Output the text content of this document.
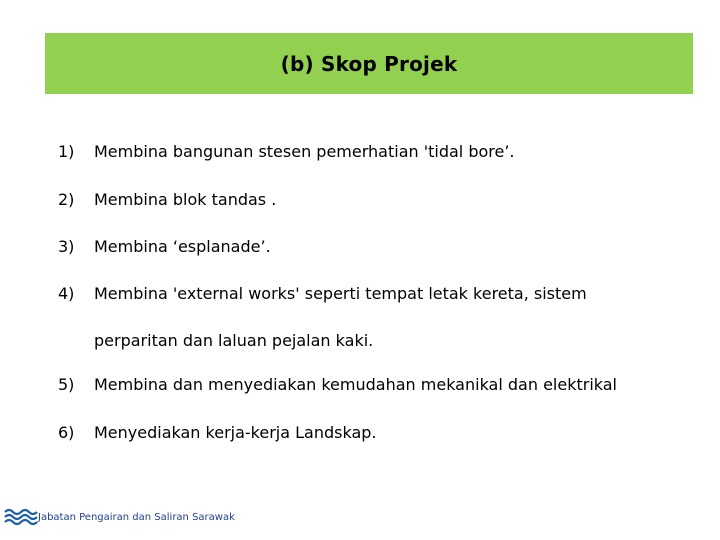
(b) Skop Projek
1) Membina bangunan stesen pemerhatian 'tidal bore’.
2) Membina blok tandas .
3) Membina ‘esplanade’.
4) Membina 'external works' seperti tempat letak kereta, sistem
perparitan dan laluan pejalan kaki.
5) Membina dan menyediakan kemudahan mekanikal dan elektrikal
6) Menyediakan kerja-kerja Landskap.
Jabatan Pengairan dan Saliran Sarawak
